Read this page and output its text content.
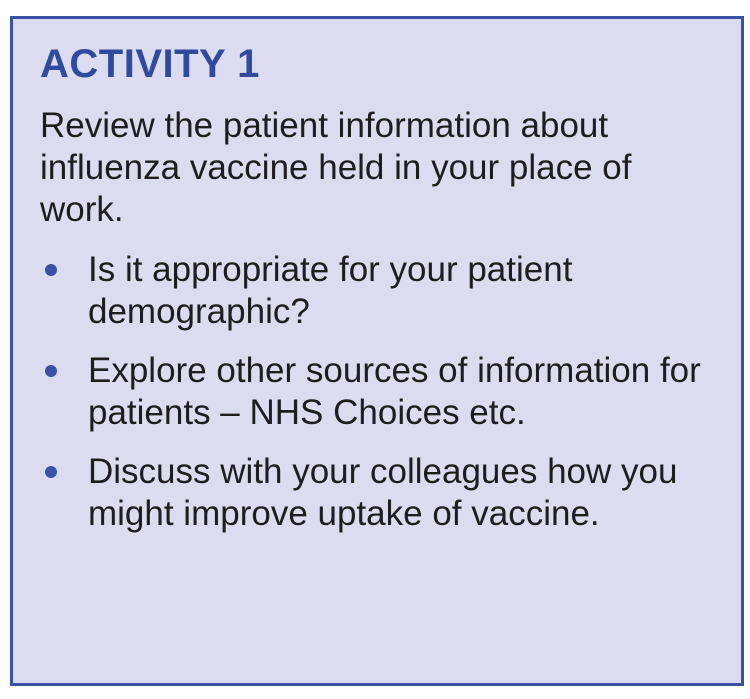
ACTIVITY 1

Review the patient information about influenza vaccine held in your place of work.

Is it appropriate for your patient demographic?
Explore other sources of information for patients – NHS Choices etc.
Discuss with your colleagues how you might improve uptake of vaccine.
